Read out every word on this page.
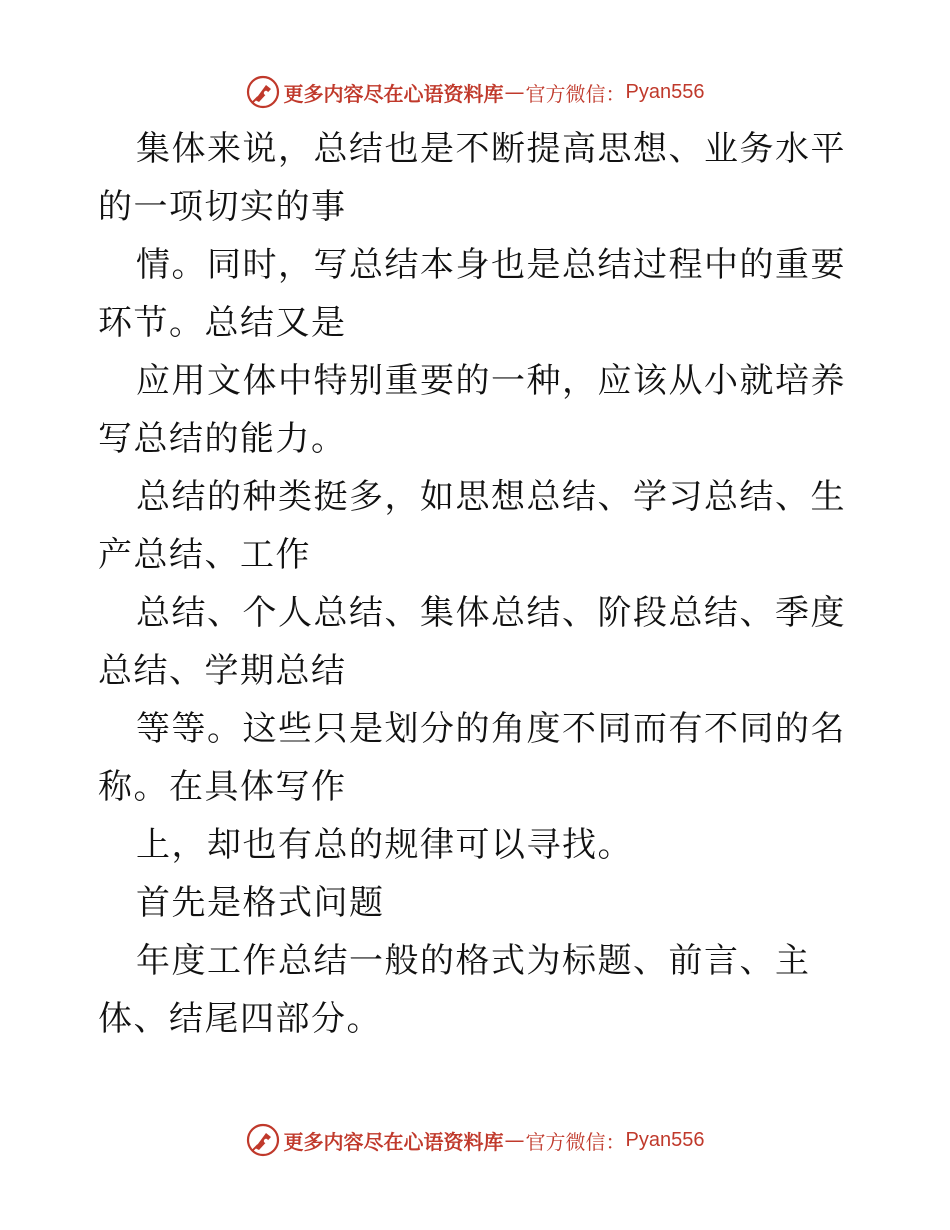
更多内容尽在心语资料库 — 官方微信： Pyan556

集体来说，总结也是不断提高思想、业务水平的一项切实的事

情。同时，写总结本身也是总结过程中的重要环节。总结又是

应用文体中特别重要的一种，应该从小就培养写总结的能力。

总结的种类挺多，如思想总结、学习总结、生产总结、工作

总结、个人总结、集体总结、阶段总结、季度总结、学期总结

等等。这些只是划分的角度不同而有不同的名称。在具体写作

上，却也有总的规律可以寻找。

首先是格式问题

年度工作总结一般的格式为标题、前言、主体、结尾四部分。

更多内容尽在心语资料库 — 官方微信： Pyan556
